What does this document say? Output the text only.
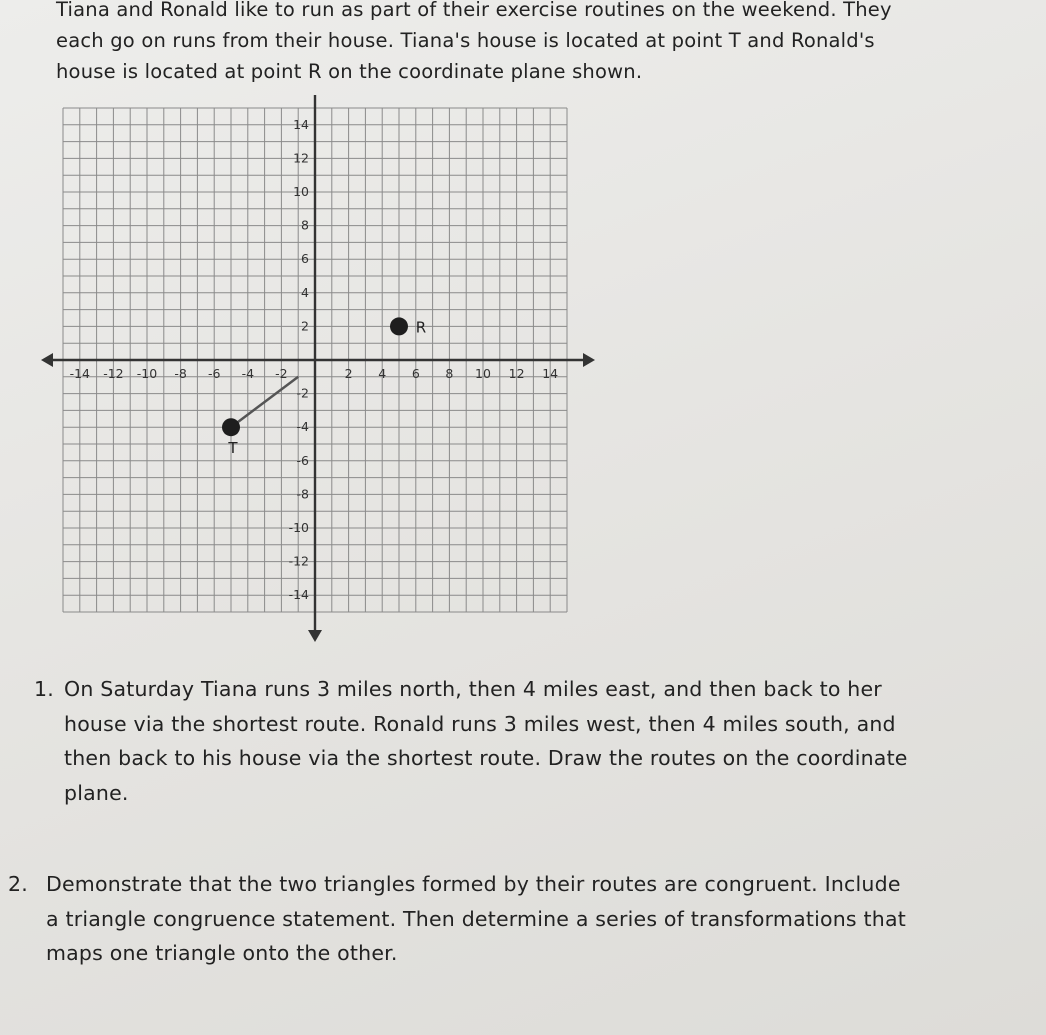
Tiana and Ronald like to run as part of their exercise routines on the weekend. They
each go on runs from their house. Tiana's house is located at point T and Ronald's
house is located at point R on the coordinate plane shown.

-14 -12 -10 -8 -6 -4 -2	2 4 6 8 10 12 14
14
12
10
8
6
4
2
-2
-4
-6
-8
-10
-12
-14
R
T
1. On Saturday Tiana runs 3 miles north, then 4 miles east, and then back to her
house via the shortest route. Ronald runs 3 miles west, then 4 miles south, and
then back to his house via the shortest route. Draw the routes on the coordinate
plane.
2. Demonstrate that the two triangles formed by their routes are congruent. Include
a triangle congruence statement. Then determine a series of transformations that
maps one triangle onto the other.
